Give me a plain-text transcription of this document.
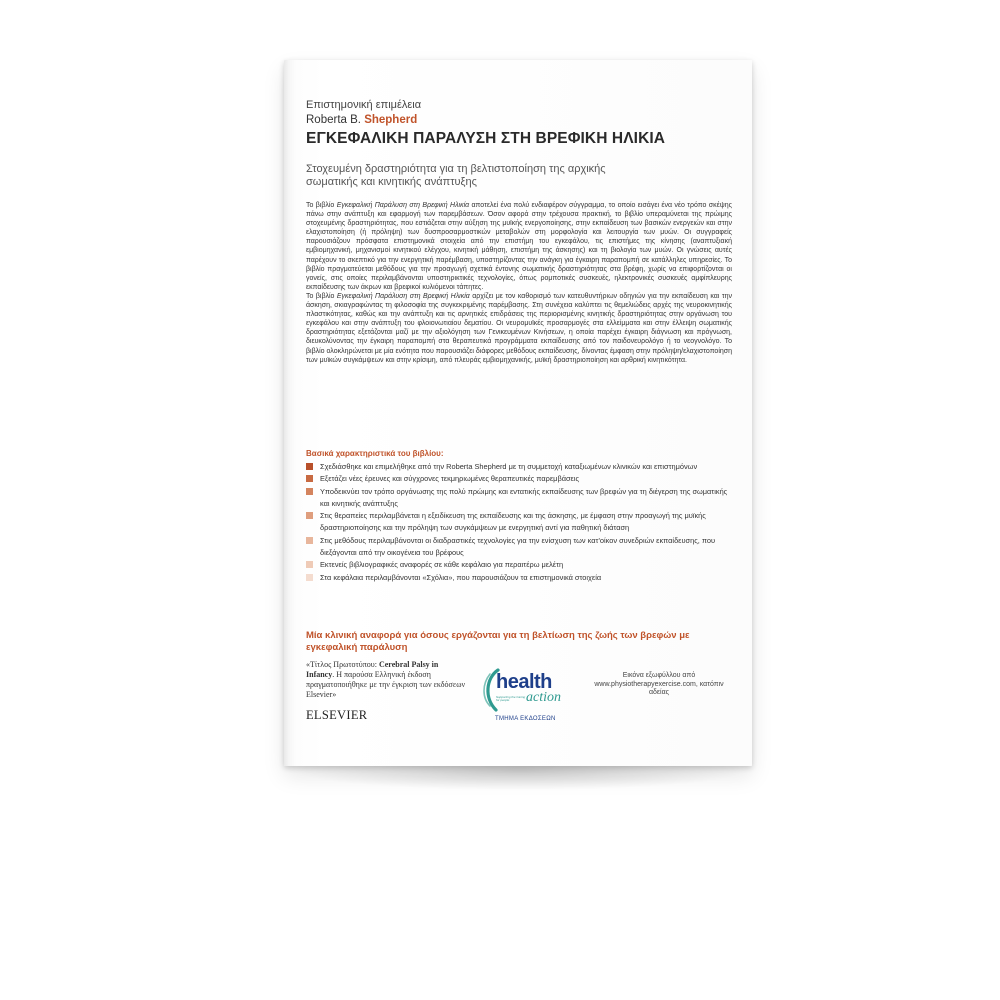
Επιστημονική επιμέλεια
Roberta B. Shepherd
ΕΓΚΕΦΑΛΙΚΗ ΠΑΡΑΛΥΣΗ ΣΤΗ ΒΡΕΦΙΚΗ ΗΛΙΚΙΑ
Στοχευμένη δραστηριότητα για τη βελτιστοποίηση της αρχικής σωματικής και κινητικής ανάπτυξης

Το βιβλίο Εγκεφαλική Παράλυση στη Βρεφική Ηλικία αποτελεί ένα πολύ ενδιαφέρον σύγγραμμα, το οποίο εισάγει ένα νέο τρόπο σκέψης πάνω στην ανάπτυξη και εφαρμογή των παρεμβάσεων. Όσον αφορά στην τρέχουσα πρακτική, το βιβλίο υπεραμύνεται της πρώιμης στοχευμένης δραστηριότητας, που εστιάζεται στην αύξηση της μυϊκής ενεργοποίησης, στην εκπαίδευση των βασικών ενεργειών και στην ελαχιστοποίηση (ή πρόληψη) των δυσπροσαρμοστικών μεταβολών στη μορφολογία και λειτουργία των μυών. Οι συγγραφείς παρουσιάζουν πρόσφατα επιστημονικά στοιχεία από την επιστήμη του εγκεφάλου, τις επιστήμες της κίνησης (αναπτυξιακή εμβιομηχανική, μηχανισμοί κινητικού ελέγχου, κινητική μάθηση, επιστήμη της άσκησης) και τη βιολογία των μυών. Οι γνώσεις αυτές παρέχουν το σκεπτικό για την ενεργητική παρέμβαση, υποστηρίζοντας την ανάγκη για έγκαιρη παραπομπή σε κατάλληλες υπηρεσίες. Το βιβλίο πραγματεύεται μεθόδους για την προαγωγή σχετικά έντονης σωματικής δραστηριότητας στα βρέφη, χωρίς να επιφορτίζονται οι γονείς, στις οποίες περιλαμβάνονται υποστηρικτικές τεχνολογίες, όπως ρομποτικές συσκευές, ηλεκτρονικές συσκευές αμφίπλευρης εκπαίδευσης των άκρων και βρεφικοί κυλιόμενοι τάπητες.

Το βιβλίο Εγκεφαλική Παράλυση στη Βρεφική Ηλικία αρχίζει με τον καθορισμό των κατευθυντήριων οδηγιών για την εκπαίδευση και την άσκηση, σκιαγραφώντας τη φιλοσοφία της συγκεκριμένης παρέμβασης. Στη συνέχεια καλύπτει τις θεμελιώδεις αρχές της νευροκινητικής πλαστικότητας, καθώς και την ανάπτυξη και τις αρνητικές επιδράσεις της περιορισμένης κινητικής δραστηριότητας στην οργάνωση του εγκεφάλου και στην ανάπτυξη του φλοιονωτιαίου δεματίου. Οι νευρομυϊκές προσαρμογές στα ελλείμματα και στην έλλειψη σωματικής δραστηριότητας εξετάζονται μαζί με την αξιολόγηση των Γενικευμένων Κινήσεων, η οποία παρέχει έγκαιρη διάγνωση και πρόγνωση, διευκολύνοντας την έγκαιρη παραπομπή στα θεραπευτικά προγράμματα εκπαίδευσης από τον παιδονευρολόγο ή το νεογνολόγο. Το βιβλίο ολοκληρώνεται με μία ενότητα που παρουσιάζει διάφορες μεθόδους εκπαίδευσης, δίνοντας έμφαση στην πρόληψη/ελαχιστοποίηση των μυϊκών συγκάμψεων και στην κρίσιμη, από πλευράς εμβιομηχανικής, μυϊκή δραστηριοποίηση και αρθρική κινητικότητα.

Βασικά χαρακτηριστικά του βιβλίου:
Σχεδιάσθηκε και επιμελήθηκε από την Roberta Shepherd με τη συμμετοχή καταξιωμένων κλινικών και επιστημόνων
Εξετάζει νέες έρευνες και σύγχρονες τεκμηριωμένες θεραπευτικές παρεμβάσεις
Υποδεικνύει τον τρόπο οργάνωσης της πολύ πρώιμης και εντατικής εκπαίδευσης των βρεφών για τη διέγερση της σωματικής και κινητικής ανάπτυξης
Στις θεραπείες περιλαμβάνεται η εξειδίκευση της εκπαίδευσης και της άσκησης, με έμφαση στην προαγωγή της μυϊκής δραστηριοποίησης και την πρόληψη των συγκάμψεων με ενεργητική αντί για παθητική διάταση
Στις μεθόδους περιλαμβάνονται οι διαδραστικές τεχνολογίες για την ενίσχυση των κατ'οίκον συνεδριών εκπαίδευσης, που διεξάγονται από την οικογένεια του βρέφους
Εκτενείς βιβλιογραφικές αναφορές σε κάθε κεφάλαιο για περαιτέρω μελέτη
Στα κεφάλαια περιλαμβάνονται «Σχόλια», που παρουσιάζουν τα επιστημονικά στοιχεία
Μία κλινική αναφορά για όσους εργάζονται για τη βελτίωση της ζωής των βρεφών με εγκεφαλική παράλυση
«Τίτλος Πρωτοτύπου: Cerebral Palsy in Infancy. Η παρούσα Ελληνική έκδοση πραγματοποιήθηκε με την έγκριση των εκδόσεων Elsevier»
ELSEVIER
health
Supporting the Caring for people	action
ΤΜΗΜΑ ΕΚΔΟΣΕΩΝ
Εικόνα εξωφύλλου από www.physiotherapyexercise.com, κατόπιν αδείας
